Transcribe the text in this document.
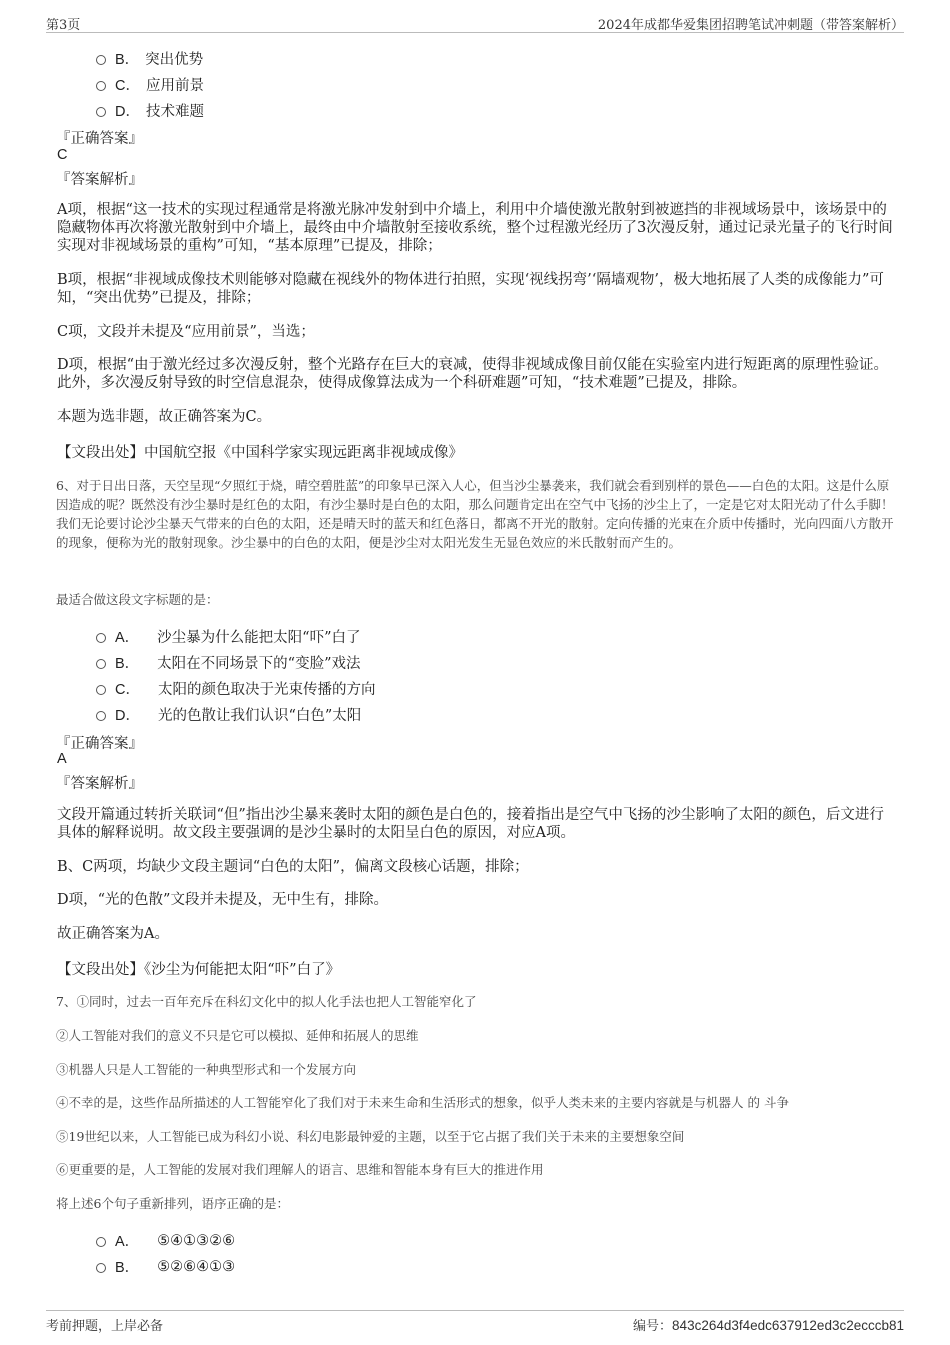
第3页	2024年成都华爱集团招聘笔试冲刺题（带答案解析）
B． 突出优势
C． 应用前景
D． 技术难题
『正确答案』
C
『答案解析』
A项，根据“这一技术的实现过程通常是将激光脉冲发射到中介墙上，利用中介墙使激光散射到被遮挡的非视域场景中，该场景中的隐藏物体再次将激光散射到中介墙上，最终由中介墙散射至接收系统，整个过程激光经历了3次漫反射，通过记录光量子的飞行时间实现对非视域场景的重构”可知，“基本原理”已提及，排除；
B项，根据“非视域成像技术则能够对隐藏在视线外的物体进行拍照，实现‘视线拐弯’‘隔墙观物’，极大地拓展了人类的成像能力”可知，“突出优势”已提及，排除；
C项，文段并未提及“应用前景”，当选；
D项，根据“由于激光经过多次漫反射，整个光路存在巨大的衰减，使得非视域成像目前仅能在实验室内进行短距离的原理性验证。此外，多次漫反射导致的时空信息混杂，使得成像算法成为一个科研难题”可知，“技术难题”已提及，排除。
本题为选非题，故正确答案为C。
【文段出处】中国航空报《中国科学家实现远距离非视域成像》
6、对于日出日落，天空呈现“夕照红于烧，晴空碧胜蓝”的印象早已深入人心，但当沙尘暴袭来，我们就会看到别样的景色——白色的太阳。这是什么原因造成的呢？既然没有沙尘暴时是红色的太阳，有沙尘暴时是白色的太阳，那么问题肯定出在空气中飞扬的沙尘上了，一定是它对太阳光动了什么手脚！我们无论要讨论沙尘暴天气带来的白色的太阳，还是晴天时的蓝天和红色落日，都离不开光的散射。定向传播的光束在介质中传播时，光向四面八方散开的现象，便称为光的散射现象。沙尘暴中的白色的太阳，便是沙尘对太阳光发生无显色效应的米氏散射而产生的。
最适合做这段文字标题的是：
A． 沙尘暴为什么能把太阳“吓”白了
B． 太阳在不同场景下的“变脸”戏法
C． 太阳的颜色取决于光束传播的方向
D． 光的色散让我们认识“白色”太阳
『正确答案』
A
『答案解析』
文段开篇通过转折关联词“但”指出沙尘暴来袭时太阳的颜色是白色的，接着指出是空气中飞扬的沙尘影响了太阳的颜色，后文进行具体的解释说明。故文段主要强调的是沙尘暴时的太阳呈白色的原因，对应A项。
B、C两项，均缺少文段主题词“白色的太阳”，偏离文段核心话题，排除；
D项，“光的色散”文段并未提及，无中生有，排除。
故正确答案为A。
【文段出处】《沙尘为何能把太阳“吓”白了》
7、①同时，过去一百年充斥在科幻文化中的拟人化手法也把人工智能窄化了
②人工智能对我们的意义不只是它可以模拟、延伸和拓展人的思维
③机器人只是人工智能的一种典型形式和一个发展方向
④不幸的是，这些作品所描述的人工智能窄化了我们对于未来生命和生活形式的想象，似乎人类未来的主要内容就是与机器人 的 斗争
⑤19世纪以来，人工智能已成为科幻小说、科幻电影最钟爱的主题，以至于它占据了我们关于未来的主要想象空间
⑥更重要的是，人工智能的发展对我们理解人的语言、思维和智能本身有巨大的推进作用
将上述6个句子重新排列，语序正确的是：
A． ⑤④①③②⑥
B． ⑤②⑥④①③
考前押题，上岸必备	编号：843c264d3f4edc637912ed3c2ecccb81
